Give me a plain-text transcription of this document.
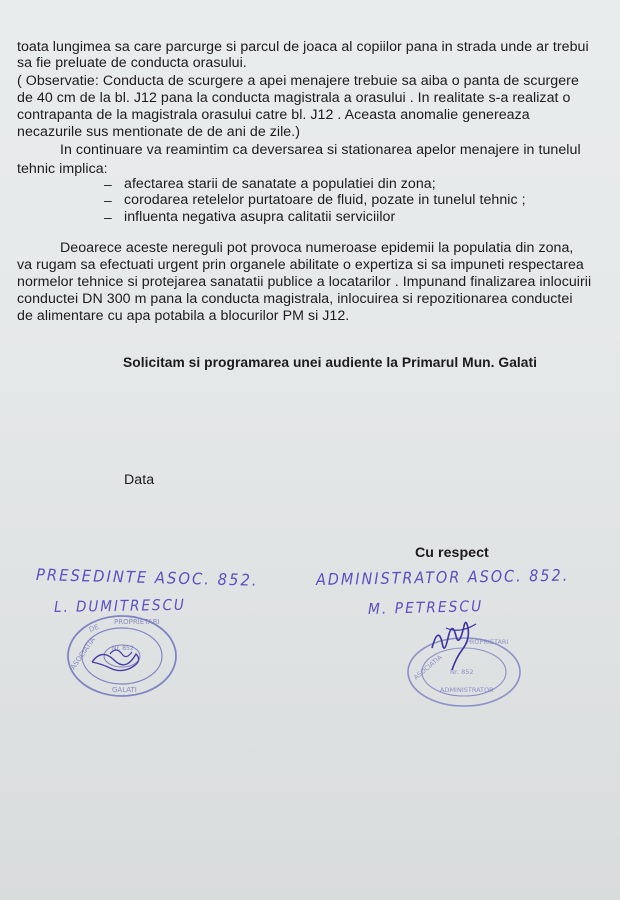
toata lungimea sa care parcurge si parcul de joaca al copiilor pana in strada unde ar trebui
sa fie preluate de conducta orasului.
( Observatie: Conducta de scurgere a apei menajere trebuie sa aiba o panta de scurgere
de 40 cm de la bl. J12 pana la conducta magistrala a orasului . In realitate s-a realizat o
contrapanta de la magistrala orasului catre bl. J12 . Aceasta anomalie genereaza
necazurile sus mentionate de de ani de zile.)
In continuare va reamintim ca deversarea si stationarea apelor menajere in tunelul
tehnic implica:
– afectarea starii de sanatate a populatiei din zona;
– corodarea retelelor purtatoare de fluid, pozate in tunelul tehnic ;
– influenta negativa asupra calitatii serviciilor
Deoarece aceste nereguli pot provoca numeroase epidemii la populatia din zona,
va rugam sa efectuati urgent prin organele abilitate o expertiza si sa impuneti respectarea
normelor tehnice si protejarea sanatatii publice a locatarilor . Impunand finalizarea inlocuirii
conductei DN 300 m pana la conducta magistrala, inlocuirea si repozitionarea conductei
de alimentare cu apa potabila a blocurilor PM si J12.
Solicitam si programarea unei audiente la Primarul Mun. Galati
Data
Cu respect
PRESEDINTE ASOC. 852.
L. DUMITRESCU
ADMINISTRATOR ASOC. 852.
M. PETRESCU
ASOCIATIA
DE
PROPRIETARI
GALATI
Nr. 852
ASOCIATIA
PROPRIETARI
Nr. 852
ADMINISTRATOR
